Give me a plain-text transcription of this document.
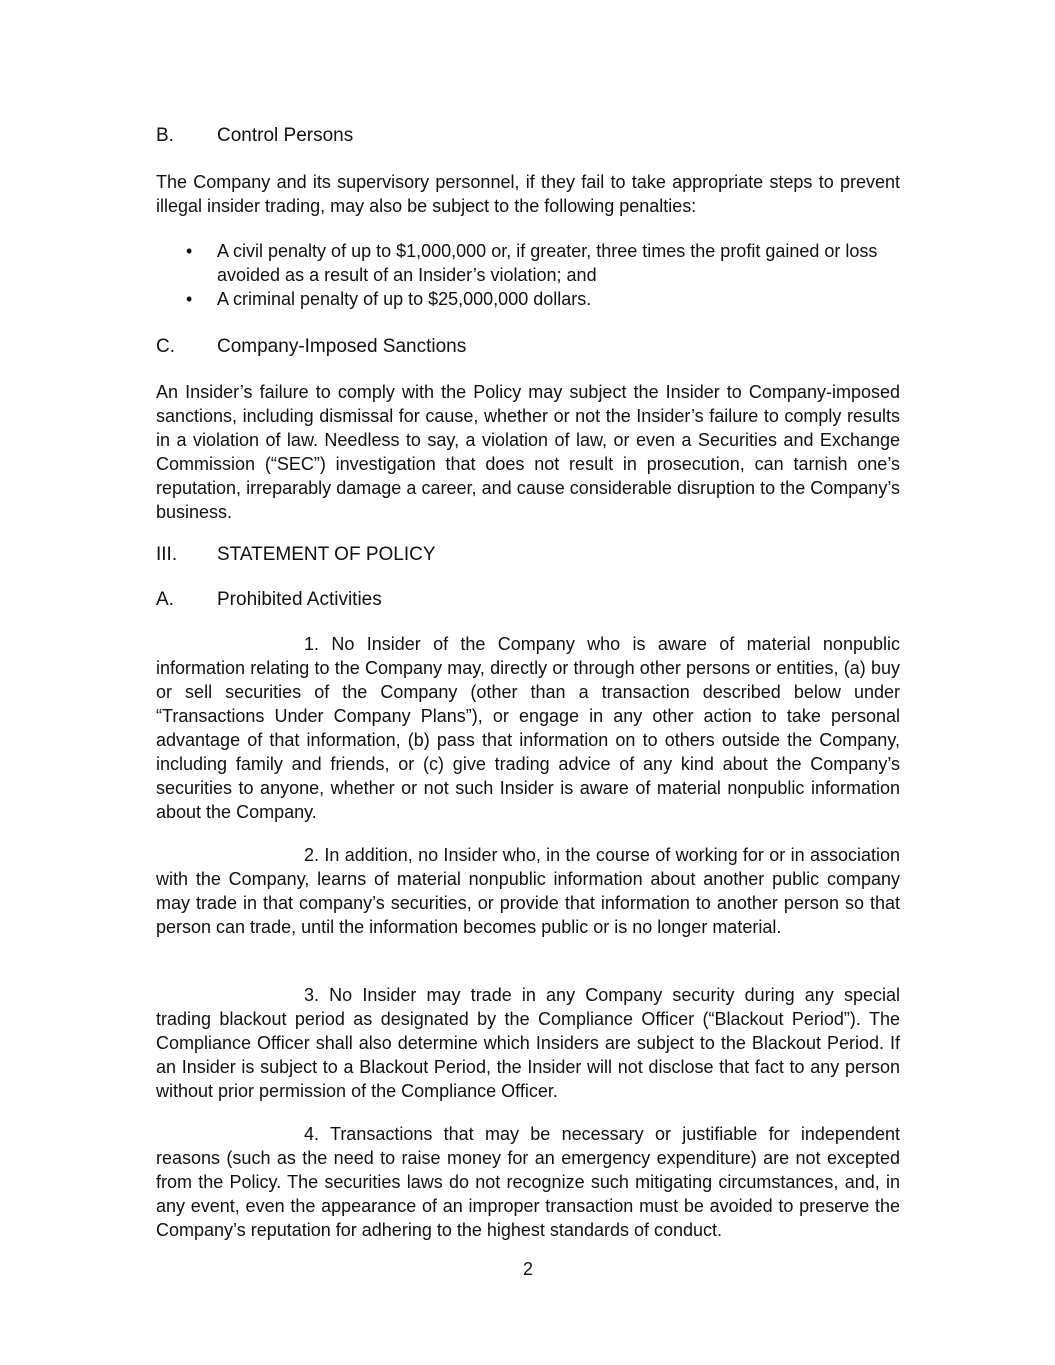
B. Control Persons

The Company and its supervisory personnel, if they fail to take appropriate steps to prevent illegal insider trading, may also be subject to the following penalties:

• A civil penalty of up to $1,000,000 or, if greater, three times the profit gained or loss avoided as a result of an Insider’s violation; and
• A criminal penalty of up to $25,000,000 dollars.
C. Company-Imposed Sanctions

An Insider’s failure to comply with the Policy may subject the Insider to Company-imposed sanctions, including dismissal for cause, whether or not the Insider’s failure to comply results in a violation of law. Needless to say, a violation of law, or even a Securities and Exchange Commission (“SEC”) investigation that does not result in prosecution, can tarnish one’s reputation, irreparably damage a career, and cause considerable disruption to the Company’s business.

III. STATEMENT OF POLICY
A. Prohibited Activities

1. No Insider of the Company who is aware of material nonpublic information relating to the Company may, directly or through other persons or entities, (a) buy or sell securities of the Company (other than a transaction described below under “Transactions Under Company Plans”), or engage in any other action to take personal advantage of that information, (b) pass that information on to others outside the Company, including family and friends, or (c) give trading advice of any kind about the Company’s securities to anyone, whether or not such Insider is aware of material nonpublic information about the Company.

2. In addition, no Insider who, in the course of working for or in association with the Company, learns of material nonpublic information about another public company may trade in that company’s securities, or provide that information to another person so that person can trade, until the information becomes public or is no longer material.

3. No Insider may trade in any Company security during any special trading blackout period as designated by the Compliance Officer (“Blackout Period”). The Compliance Officer shall also determine which Insiders are subject to the Blackout Period. If an Insider is subject to a Blackout Period, the Insider will not disclose that fact to any person without prior permission of the Compliance Officer.

4. Transactions that may be necessary or justifiable for independent reasons (such as the need to raise money for an emergency expenditure) are not excepted from the Policy. The securities laws do not recognize such mitigating circumstances, and, in any event, even the appearance of an improper transaction must be avoided to preserve the Company’s reputation for adhering to the highest standards of conduct.

2
